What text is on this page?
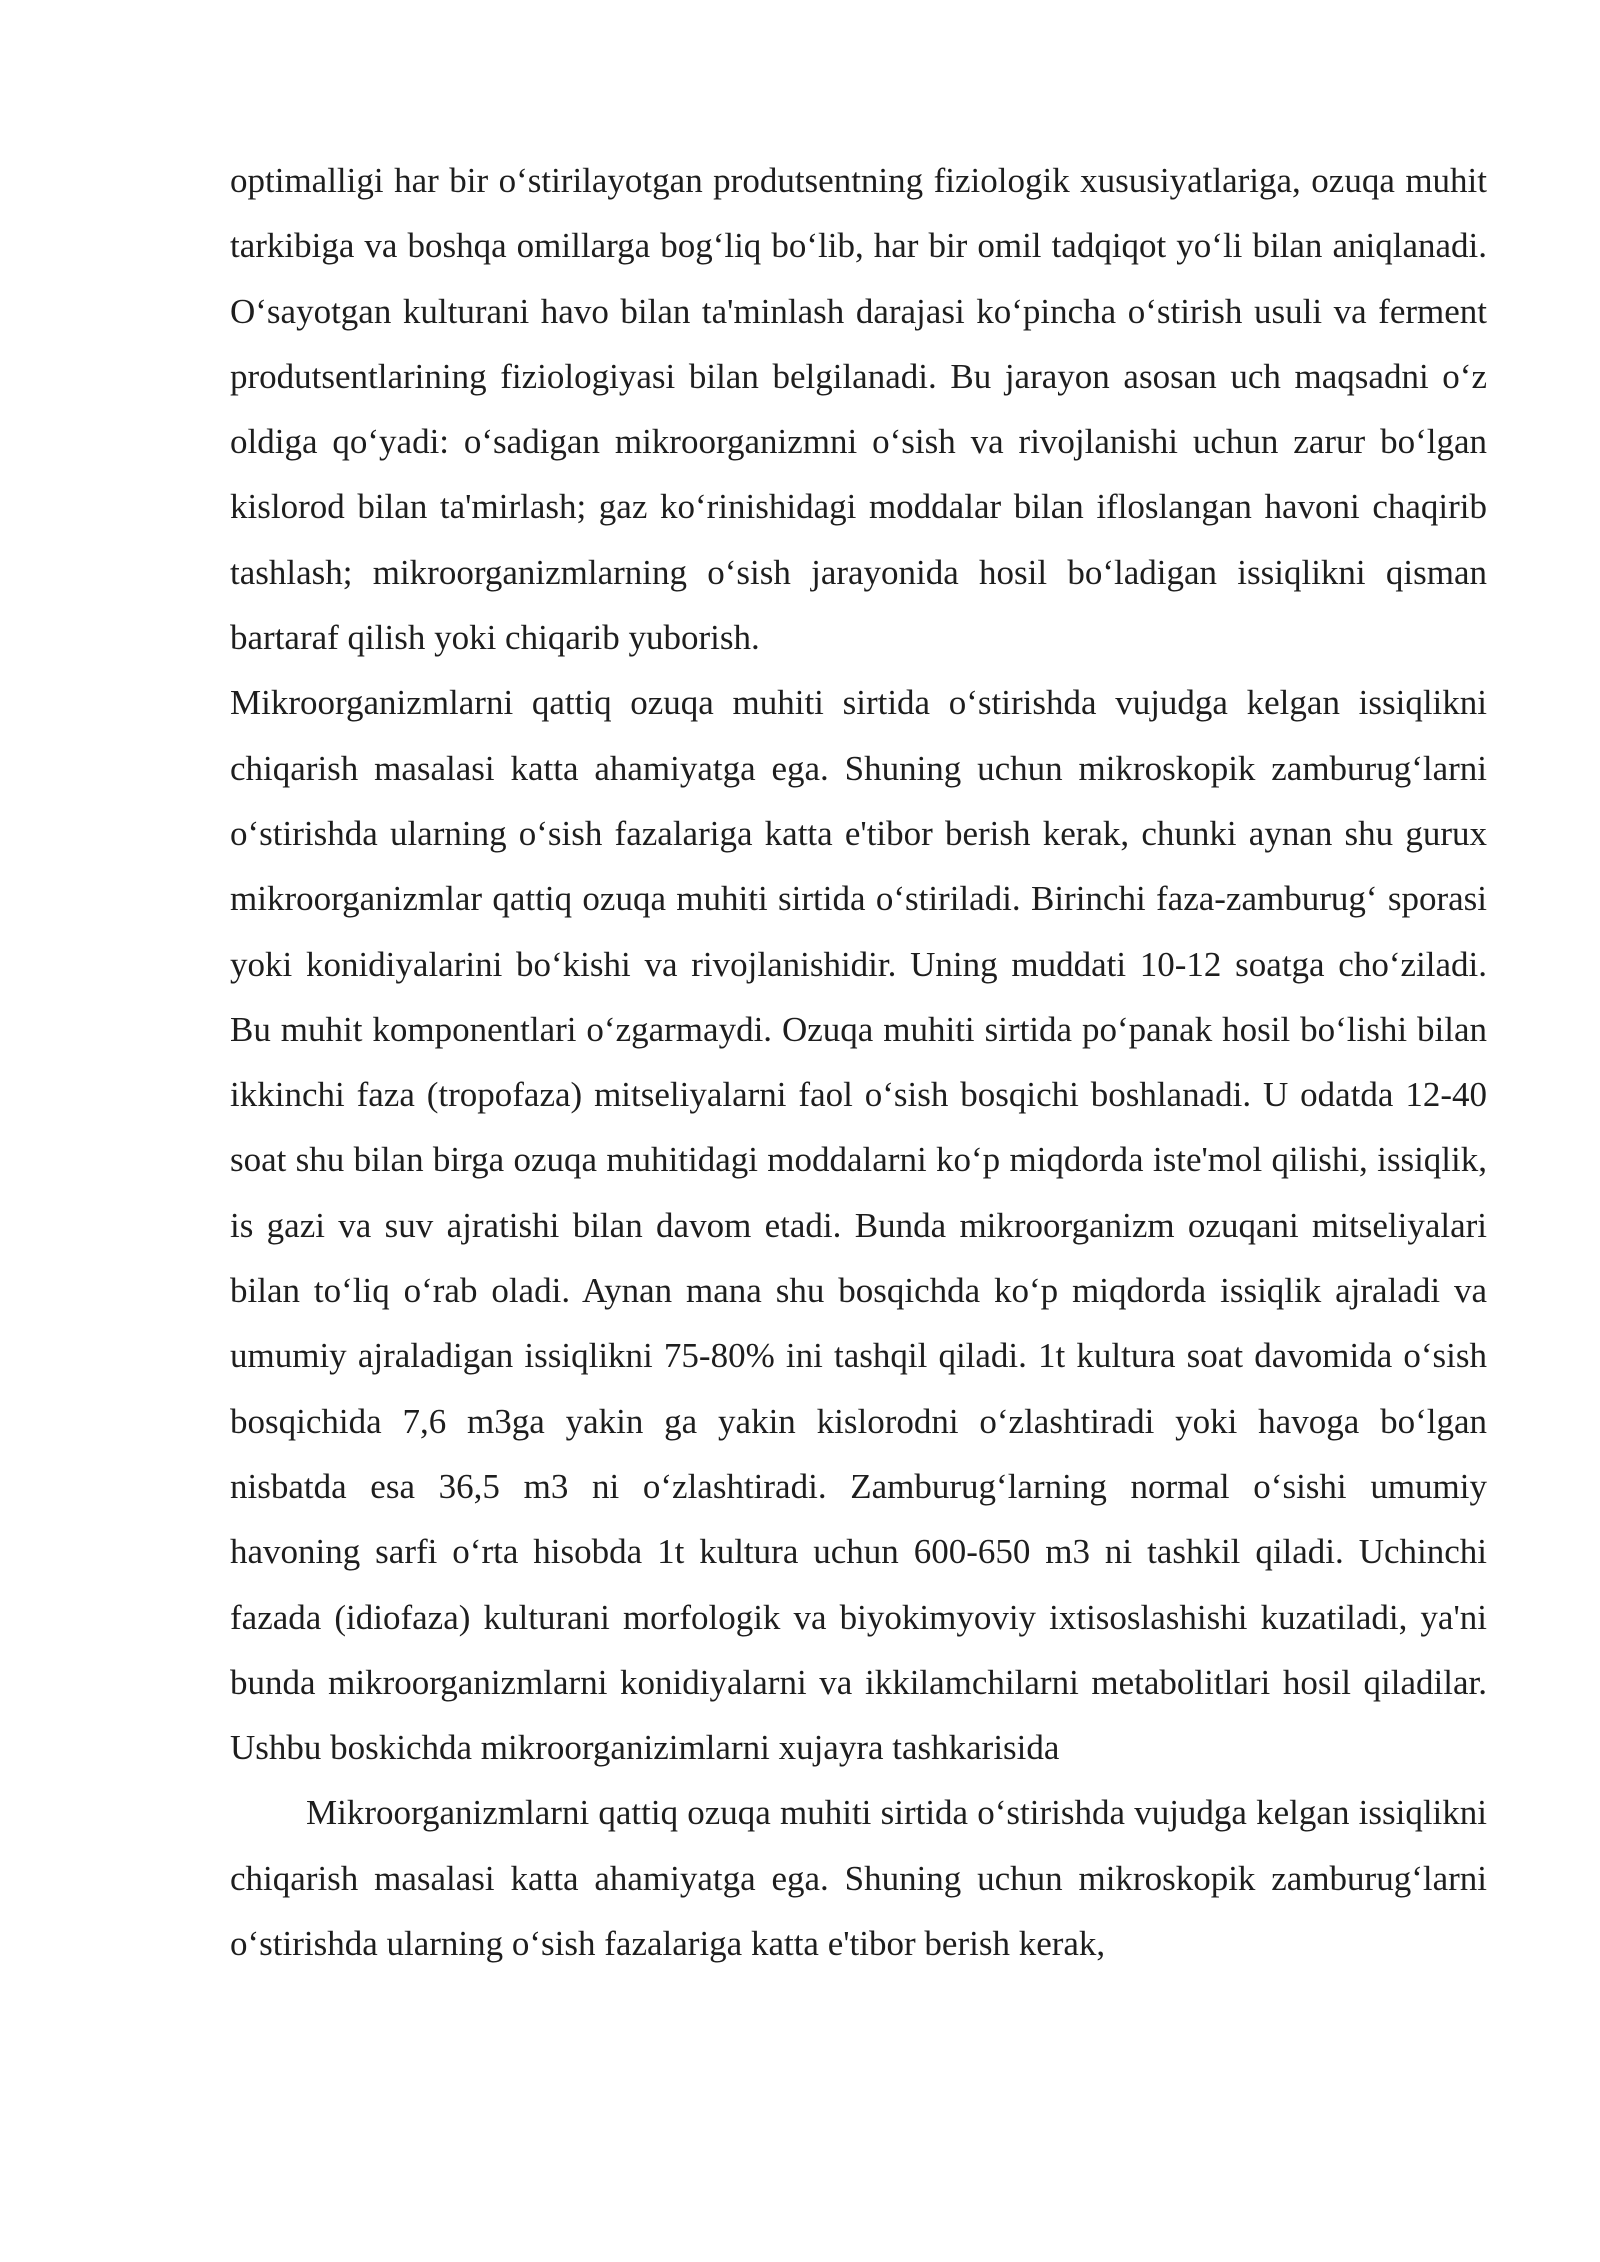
optimalligi har bir o‘stirilayotgan produtsentning fiziologik xususiyatlariga, ozuqa muhit tarkibiga va boshqa omillarga bog‘liq bo‘lib, har bir omil tadqiqot yo‘li bilan aniqlanadi. O‘sayotgan kulturani havo bilan ta'minlash darajasi ko‘pincha o‘stirish usuli va ferment produtsentlarining fiziologiyasi bilan belgilanadi. Bu jarayon asosan uch maqsadni o‘z oldiga qo‘yadi: o‘sadigan mikroorganizmni o‘sish va rivojlanishi uchun zarur bo‘lgan kislorod bilan ta'mirlash; gaz ko‘rinishidagi moddalar bilan ifloslangan havoni chaqirib tashlash; mikroorganizmlarning o‘sish jarayonida hosil bo‘ladigan issiqlikni qisman bartaraf qilish yoki chiqarib yuborish.

Mikroorganizmlarni qattiq ozuqa muhiti sirtida o‘stirishda vujudga kelgan issiqlikni chiqarish masalasi katta ahamiyatga ega. Shuning uchun mikroskopik zamburug‘larni o‘stirishda ularning o‘sish fazalariga katta e'tibor berish kerak, chunki aynan shu gurux mikroorganizmlar qattiq ozuqa muhiti sirtida o‘stiriladi. Birinchi faza-zamburug‘ sporasi yoki konidiyalarini bo‘kishi va rivojlanishidir. Uning muddati 10-12 soatga cho‘ziladi. Bu muhit komponentlari o‘zgarmaydi. Ozuqa muhiti sirtida po‘panak hosil bo‘lishi bilan ikkinchi faza (tropofaza) mitseliyalarni faol o‘sish bosqichi boshlanadi. U odatda 12-40 soat shu bilan birga ozuqa muhitidagi moddalarni ko‘p miqdorda iste'mol qilishi, issiqlik, is gazi va suv ajratishi bilan davom etadi. Bunda mikroorganizm ozuqani mitseliyalari bilan to‘liq o‘rab oladi. Aynan mana shu bosqichda ko‘p miqdorda issiqlik ajraladi va umumiy ajraladigan issiqlikni 75-80% ini tashqil qiladi. 1t kultura soat davomida o‘sish bosqichida 7,6 m3ga yakin ga yakin kislorodni o‘zlashtiradi yoki havoga bo‘lgan nisbatda esa 36,5 m3 ni o‘zlashtiradi. Zamburug‘larning normal o‘sishi umumiy havoning sarfi o‘rta hisobda 1t kultura uchun 600-650 m3 ni tashkil qiladi. Uchinchi fazada (idiofaza) kulturani morfologik va biyokimyoviy ixtisoslashishi kuzatiladi, ya'ni bunda mikroorganizmlarni konidiyalarni va ikkilamchilarni metabolitlari hosil qiladilar. Ushbu boskichda mikroorganizimlarni xujayra tashkarisida

Mikroorganizmlarni qattiq ozuqa muhiti sirtida o‘stirishda vujudga kelgan issiqlikni chiqarish masalasi katta ahamiyatga ega. Shuning uchun mikroskopik zamburug‘larni o‘stirishda ularning o‘sish fazalariga katta e'tibor berish kerak,
